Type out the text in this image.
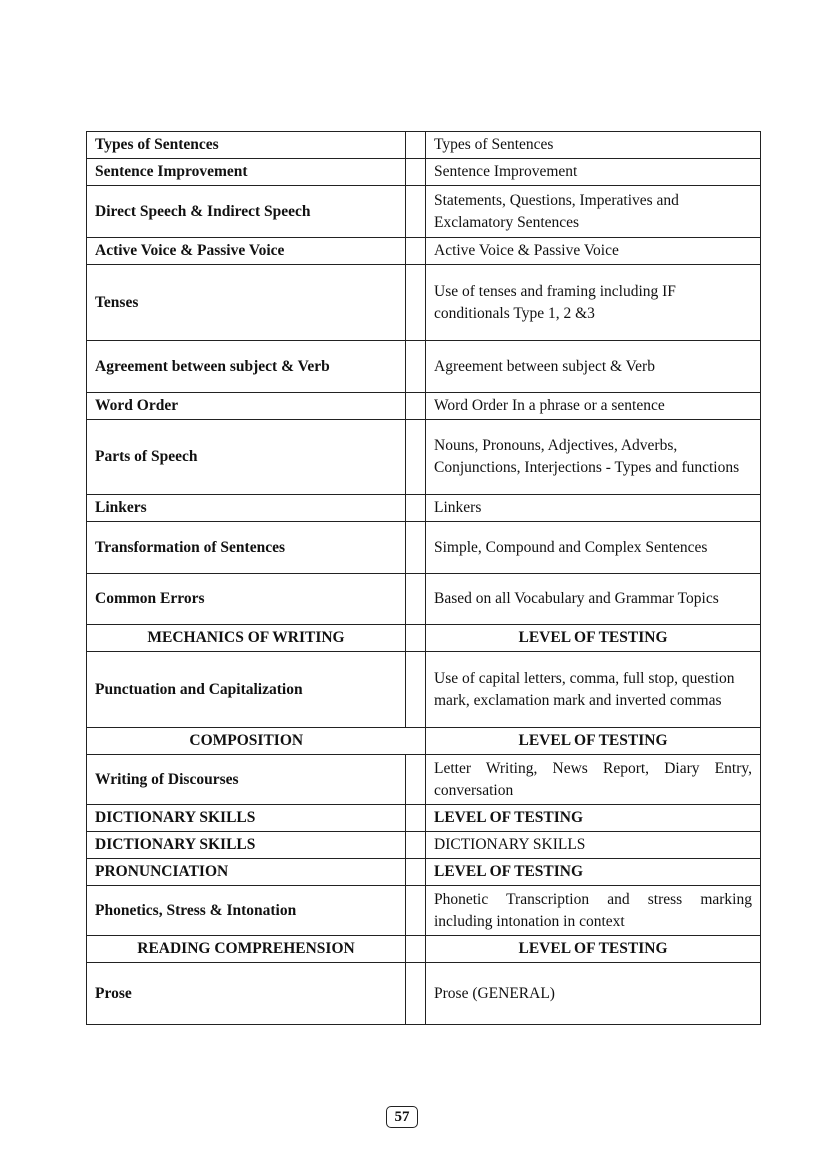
Types of Sentences		Types of Sentences
Sentence Improvement		Sentence Improvement
Direct Speech & Indirect Speech		Statements, Questions, Imperatives and Exclamatory Sentences
Active Voice & Passive Voice		Active Voice & Passive Voice
Tenses		Use of tenses and framing including IF conditionals Type 1, 2 &3
Agreement between subject & Verb		Agreement between subject & Verb
Word Order		Word Order In a phrase or a sentence
Parts of Speech		Nouns, Pronouns, Adjectives, Adverbs, Conjunctions, Interjections - Types and functions
Linkers		Linkers
Transformation of Sentences		Simple, Compound and Complex Sentences
Common Errors		Based on all Vocabulary and Grammar Topics
MECHANICS OF WRITING		LEVEL OF TESTING
Punctuation and Capitalization		Use of capital letters, comma, full stop, question mark, exclamation mark and inverted commas
COMPOSITION		LEVEL OF TESTING
Writing of Discourses		Letter Writing, News Report, Diary Entry, conversation
DICTIONARY SKILLS		LEVEL OF TESTING
DICTIONARY SKILLS		DICTIONARY SKILLS
PRONUNCIATION		LEVEL OF TESTING
Phonetics, Stress & Intonation		Phonetic Transcription and stress marking including intonation in context
READING COMPREHENSION		LEVEL OF TESTING
Prose		Prose (GENERAL)
57
